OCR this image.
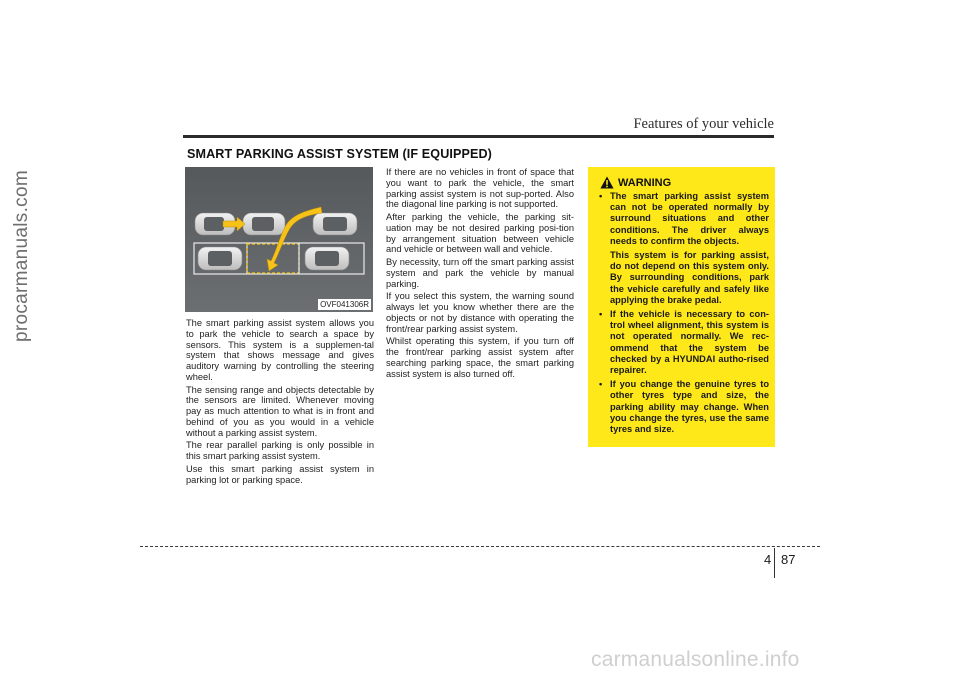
procarmanuals.com
Features of your vehicle
SMART PARKING ASSIST SYSTEM (IF EQUIPPED)
OVF041306R

The smart parking assist system allows you to park the vehicle to search a space by sensors. This system is a supplemen-tal system that shows message and gives auditory warning by controlling the steering wheel.

The sensing range and objects detectable by the sensors are limited. Whenever moving pay as much attention to what is in front and behind of you as you would in a vehicle without a parking assist system.

The rear parallel parking is only possible in this smart parking assist system.

Use this smart parking assist system in parking lot or parking space.

If there are no vehicles in front of space that you want to park the vehicle, the smart parking assist system is not sup-ported. Also the diagonal line parking is not supported.

After parking the vehicle, the parking sit-uation may be not desired parking posi-tion by arrangement situation between vehicle and vehicle or between wall and vehicle.

By necessity, turn off the smart parking assist system and park the vehicle by manual parking.

If you select this system, the warning sound always let you know whether there are the objects or not by distance with operating the front/rear parking assist system.

Whilst operating this system, if you turn off the front/rear parking assist system after searching parking space, the smart parking assist system is also turned off.

WARNING
• The smart parking assist system can not be operated normally by surround situations and other conditions. The driver always needs to confirm the objects.

This system is for parking assist, do not depend on this system only. By surrounding conditions, park the vehicle carefully and safely like applying the brake pedal.

• If the vehicle is necessary to con-trol wheel alignment, this system is not operated normally. We rec-ommend that the system be checked by a HYUNDAI autho-rised repairer.

• If you change the genuine tyres to other tyres type and size, the parking ability may change. When you change the tyres, use the same tyres and size.

4 87
carmanualsonline.info
